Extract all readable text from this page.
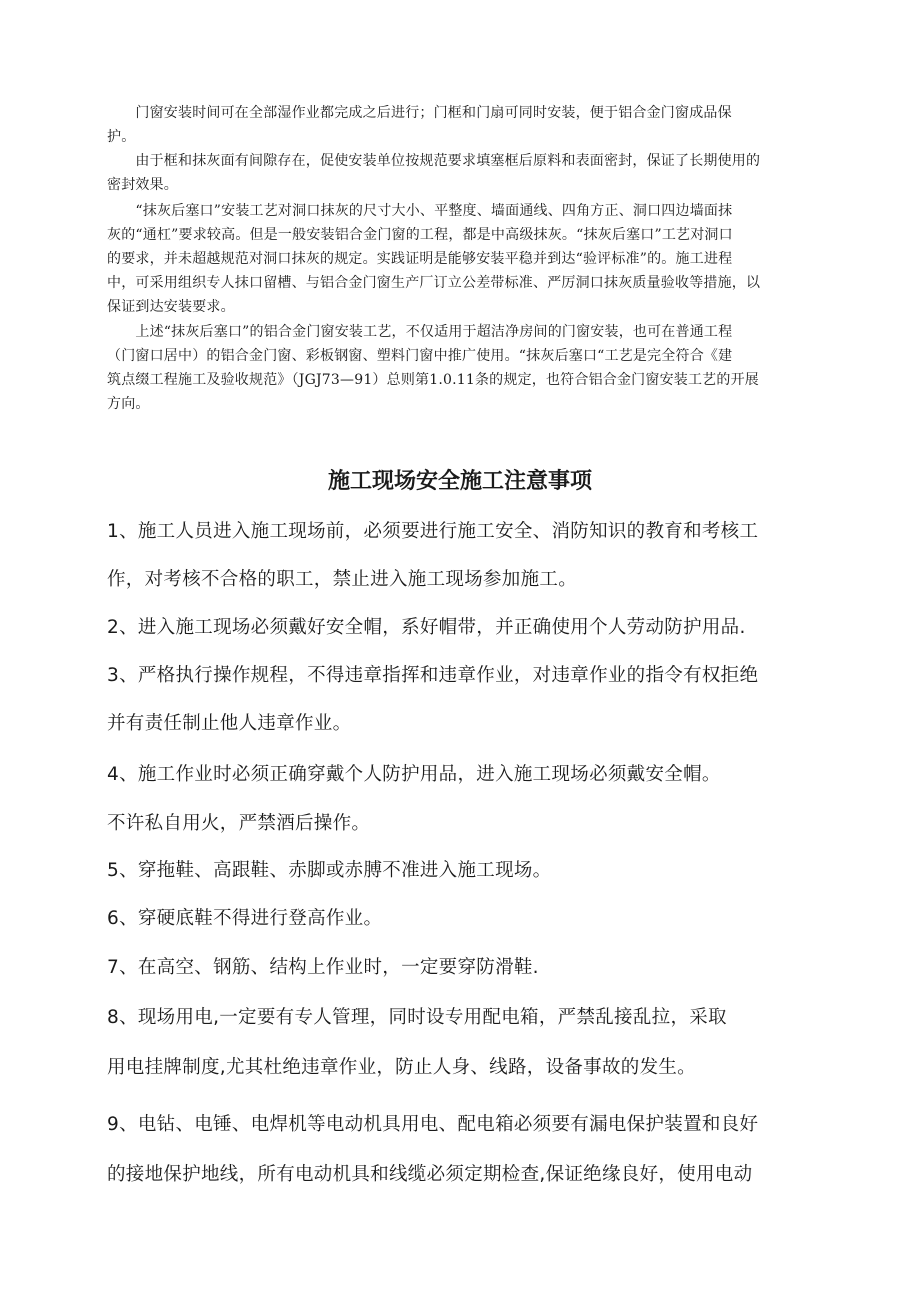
　　门窗安装时间可在全部湿作业都完成之后进行；门框和门扇可同时安装，便于铝合金门窗成品保

护。

　　由于框和抹灰面有间隙存在，促使安装单位按规范要求填塞框后原料和表面密封，保证了长期使用的

密封效果。

　　“抹灰后塞口”安装工艺对洞口抹灰的尺寸大小、平整度、墙面通线、四角方正、洞口四边墙面抹

灰的“通杠”要求较高。但是一般安装铝合金门窗的工程，都是中高级抹灰。“抹灰后塞口”工艺对洞口

的要求，并未超越规范对洞口抹灰的规定。实践证明是能够安装平稳并到达“验评标准”的。施工进程

中，可采用组织专人抹口留槽、与铝合金门窗生产厂订立公差带标准、严厉洞口抹灰质量验收等措施，以

保证到达安装要求。

　　上述“抹灰后塞口”的铝合金门窗安装工艺，不仅适用于超洁净房间的门窗安装，也可在普通工程

（门窗口居中）的铝合金门窗、彩板钢窗、塑料门窗中推广使用。“抹灰后塞口“工艺是完全符合《建

筑点缀工程施工及验收规范》（JGJ73—91）总则第1.0.11条的规定，也符合铝合金门窗安装工艺的开展

方向。

施工现场安全施工注意事项

1、施工人员进入施工现场前，必须要进行施工安全、消防知识的教育和考核工

作，对考核不合格的职工，禁止进入施工现场参加施工。

2、进入施工现场必须戴好安全帽，系好帽带，并正确使用个人劳动防护用品.

3、严格执行操作规程，不得违章指挥和违章作业，对违章作业的指令有权拒绝

并有责任制止他人违章作业。

4、施工作业时必须正确穿戴个人防护用品，进入施工现场必须戴安全帽。

不许私自用火，严禁酒后操作。

5、穿拖鞋、高跟鞋、赤脚或赤膊不准进入施工现场。

6、穿硬底鞋不得进行登高作业。

7、在高空、钢筋、结构上作业时，一定要穿防滑鞋.

8、现场用电,一定要有专人管理，同时设专用配电箱，严禁乱接乱拉，采取

用电挂牌制度,尤其杜绝违章作业，防止人身、线路，设备事故的发生。

9、电钻、电锤、电焊机等电动机具用电、配电箱必须要有漏电保护装置和良好

的接地保护地线，所有电动机具和线缆必须定期检查,保证绝缘良好，使用电动
